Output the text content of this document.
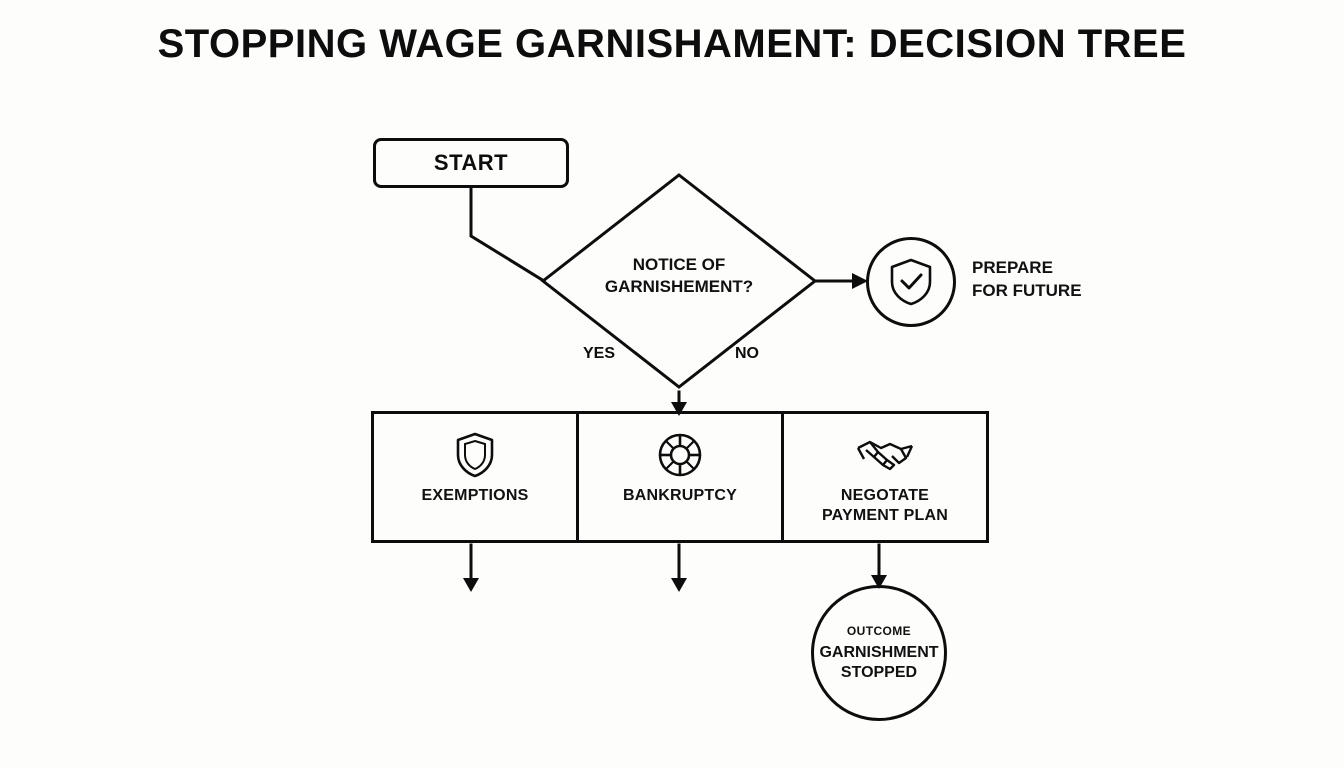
STOPPING WAGE GARNISHAMENT: DECISION TREE
START
NOTICE OF
GARNISHEMENT?
YES	NO
PREPARE
FOR FUTURE
EXEMPTIONS	BANKRUPTCY	NEGOTATE
PAYMENT PLAN
OUTCOME
GARNISHMENT
STOPPED
